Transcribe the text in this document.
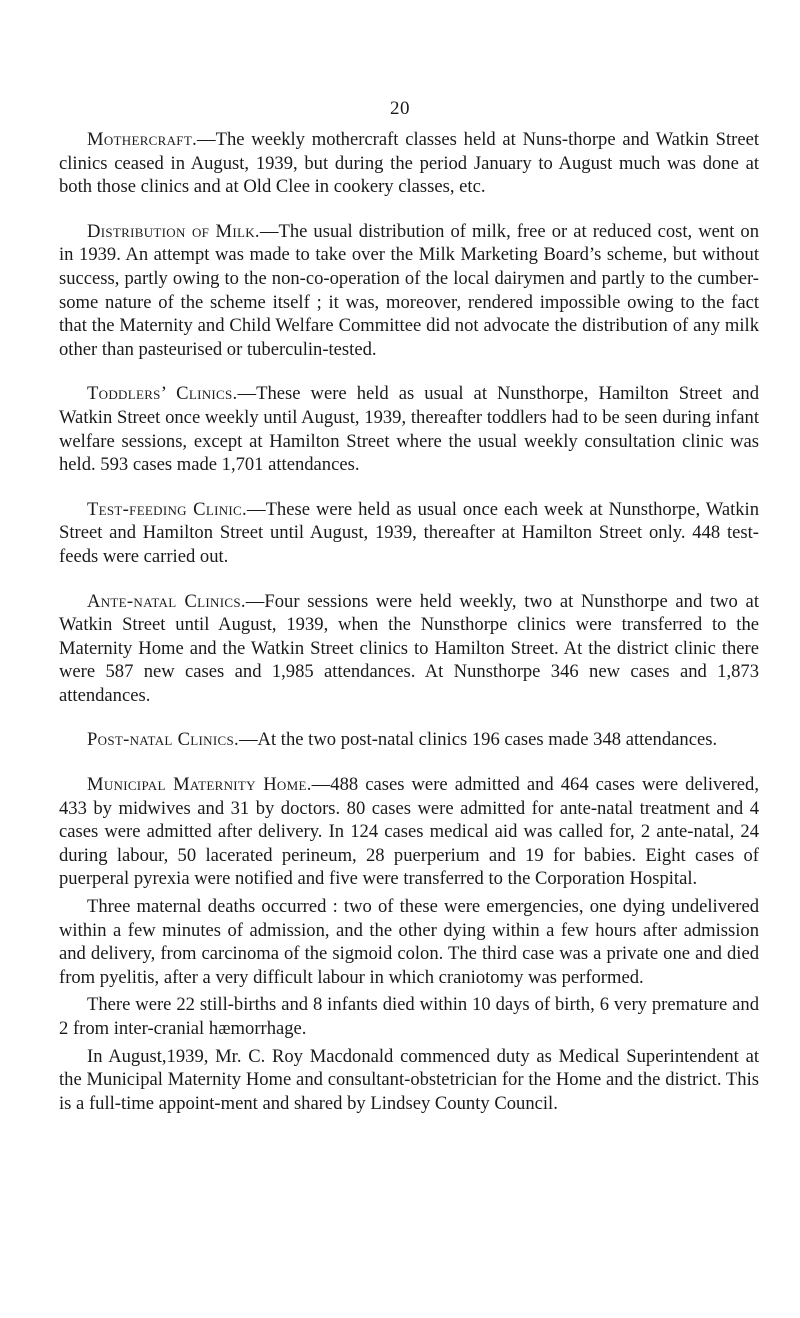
20

Mothercraft.—The weekly mothercraft classes held at Nuns-thorpe and Watkin Street clinics ceased in August, 1939, but during the period January to August much was done at both those clinics and at Old Clee in cookery classes, etc.

Distribution of Milk.—The usual distribution of milk, free or at reduced cost, went on in 1939. An attempt was made to take over the Milk Marketing Board’s scheme, but without success, partly owing to the non-co-operation of the local dairymen and partly to the cumber-some nature of the scheme itself ; it was, moreover, rendered impossible owing to the fact that the Maternity and Child Welfare Committee did not advocate the distribution of any milk other than pasteurised or tuberculin-tested.

Toddlers’ Clinics.—These were held as usual at Nunsthorpe, Hamilton Street and Watkin Street once weekly until August, 1939, thereafter toddlers had to be seen during infant welfare sessions, except at Hamilton Street where the usual weekly consultation clinic was held. 593 cases made 1,701 attendances.

Test-feeding Clinic.—These were held as usual once each week at Nunsthorpe, Watkin Street and Hamilton Street until August, 1939, thereafter at Hamilton Street only. 448 test-feeds were carried out.

Ante-natal Clinics.—Four sessions were held weekly, two at Nunsthorpe and two at Watkin Street until August, 1939, when the Nunsthorpe clinics were transferred to the Maternity Home and the Watkin Street clinics to Hamilton Street. At the district clinic there were 587 new cases and 1,985 attendances. At Nunsthorpe 346 new cases and 1,873 attendances.

Post-natal Clinics.—At the two post-natal clinics 196 cases made 348 attendances.

Municipal Maternity Home.—488 cases were admitted and 464 cases were delivered, 433 by midwives and 31 by doctors. 80 cases were admitted for ante-natal treatment and 4 cases were admitted after delivery. In 124 cases medical aid was called for, 2 ante-natal, 24 during labour, 50 lacerated perineum, 28 puerperium and 19 for babies. Eight cases of puerperal pyrexia were notified and five were transferred to the Corporation Hospital.

Three maternal deaths occurred : two of these were emergencies, one dying undelivered within a few minutes of admission, and the other dying within a few hours after admission and delivery, from carcinoma of the sigmoid colon. The third case was a private one and died from pyelitis, after a very difficult labour in which craniotomy was performed.

There were 22 still-births and 8 infants died within 10 days of birth, 6 very premature and 2 from inter-cranial hæmorrhage.

In August,1939, Mr. C. Roy Macdonald commenced duty as Medical Superintendent at the Municipal Maternity Home and consultant-obstetrician for the Home and the district. This is a full-time appoint-ment and shared by Lindsey County Council.
